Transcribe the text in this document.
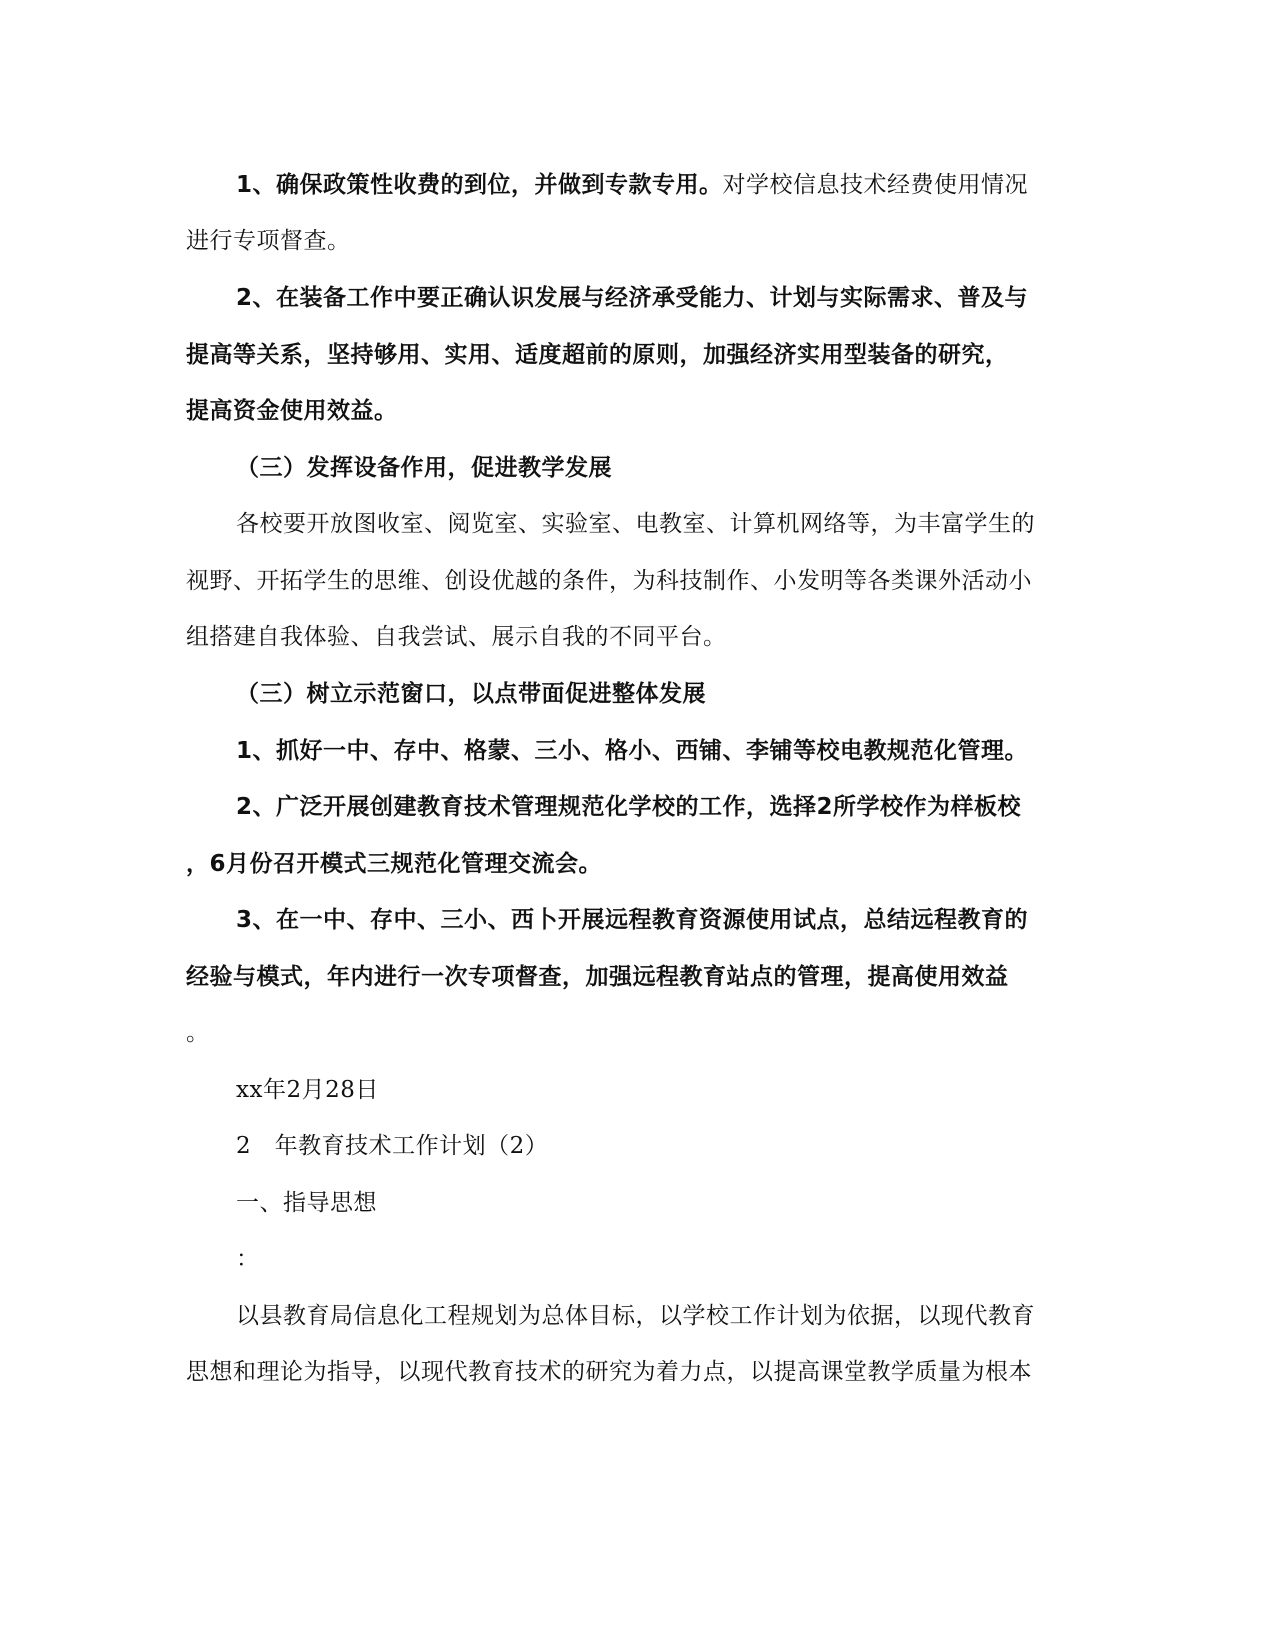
1、确保政策性收费的到位，并做到专款专用。对学校信息技术经费使用情况
进行专项督查。
2、在装备工作中要正确认识发展与经济承受能力、计划与实际需求、普及与
提高等关系，坚持够用、实用、适度超前的原则，加强经济实用型装备的研究，
提高资金使用效益。
（三）发挥设备作用，促进教学发展
各校要开放图收室、阅览室、实验室、电教室、计算机网络等，为丰富学生的
视野、开拓学生的思维、创设优越的条件，为科技制作、小发明等各类课外活动小
组搭建自我体验、自我尝试、展示自我的不同平台。
（三）树立示范窗口，以点带面促进整体发展
1、抓好一中、存中、格蒙、三小、格小、西铺、李铺等校电教规范化管理。
2、广泛开展创建教育技术管理规范化学校的工作，选择2所学校作为样板校
，6月份召开模式三规范化管理交流会。
3、在一中、存中、三小、西卜开展远程教育资源使用试点，总结远程教育的
经验与模式，年内进行一次专项督查，加强远程教育站点的管理，提高使用效益
。
xx年2月28日
2　年教育技术工作计划（2）
一、指导思想
：
以县教育局信息化工程规划为总体目标，以学校工作计划为依据，以现代教育
思想和理论为指导，以现代教育技术的研究为着力点，以提高课堂教学质量为根本
